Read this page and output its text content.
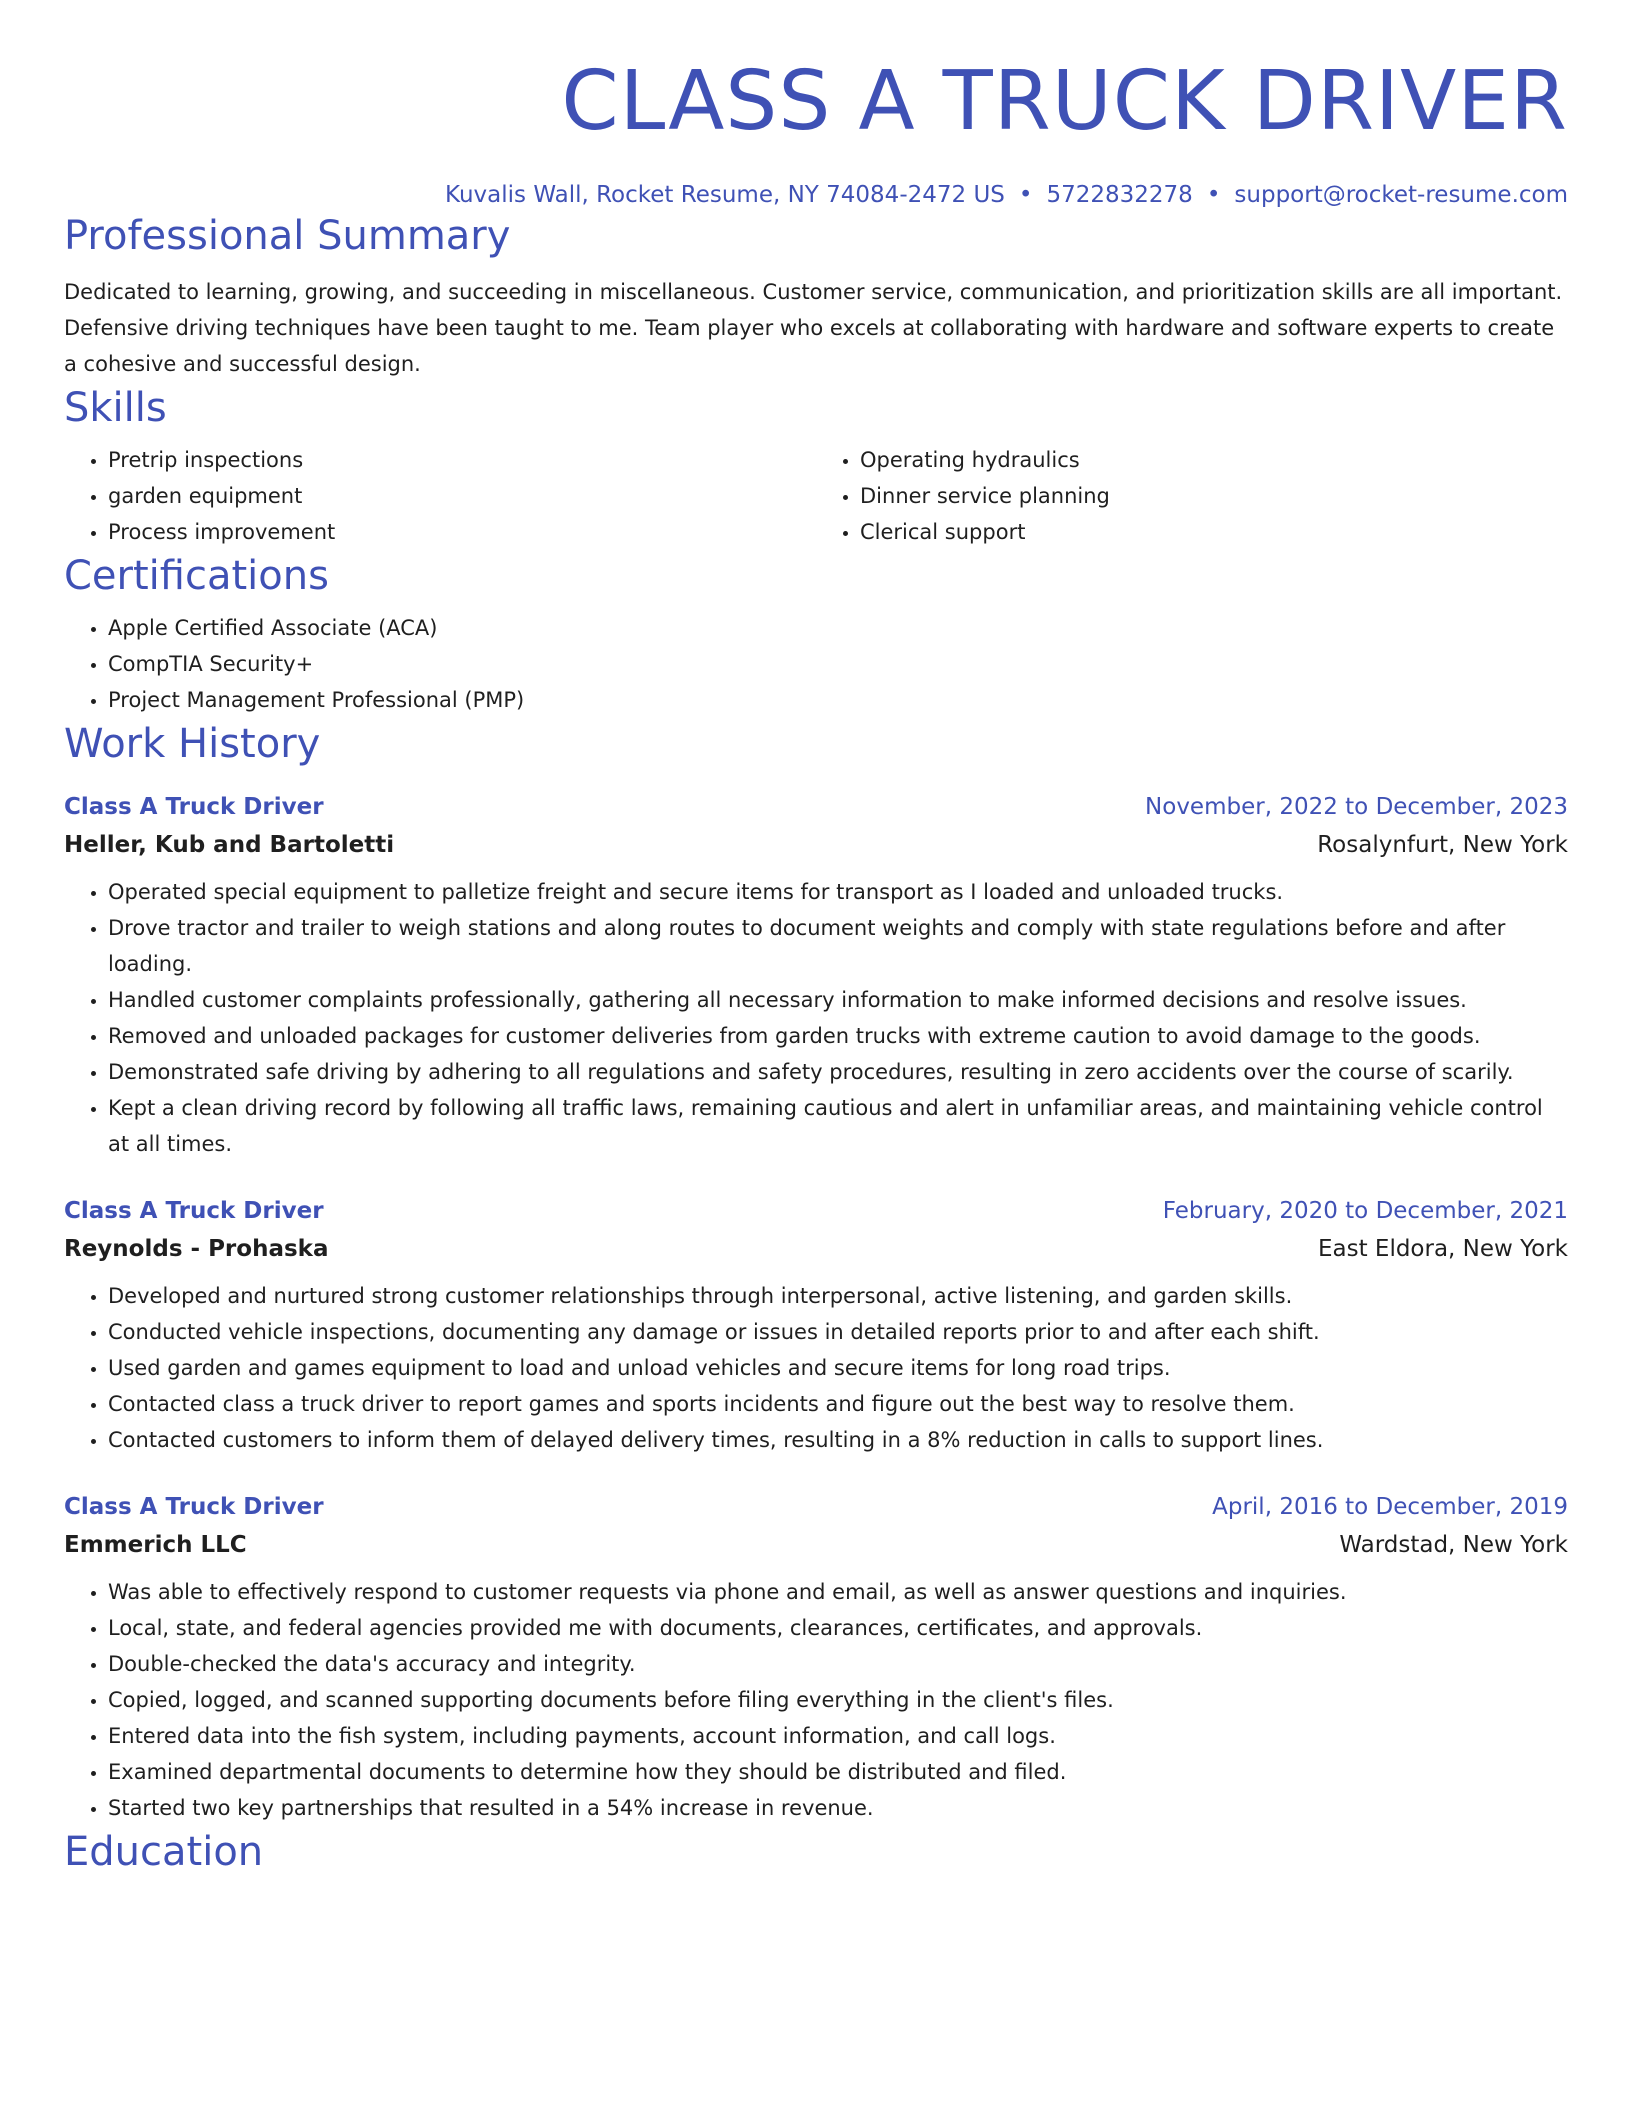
CLASS A TRUCK DRIVER
Kuvalis Wall, Rocket Resume, NY 74084-2472 US • 5722832278 • support@rocket-resume.com
Professional Summary

Dedicated to learning, growing, and succeeding in miscellaneous. Customer service, communication, and prioritization skills are all important. Defensive driving techniques have been taught to me. Team player who excels at collaborating with hardware and software experts to create a cohesive and successful design.

Skills
• Pretrip inspections
• garden equipment
• Process improvement
• Operating hydraulics
• Dinner service planning
• Clerical support
Certifications
• Apple Certified Associate (ACA)
• CompTIA Security+
• Project Management Professional (PMP)
Work History
Class A Truck Driver	November, 2022 to December, 2023
Heller, Kub and Bartoletti	Rosalynfurt, New York
• Operated special equipment to palletize freight and secure items for transport as I loaded and unloaded trucks.
• Drove tractor and trailer to weigh stations and along routes to document weights and comply with state regulations before and after loading.
• Handled customer complaints professionally, gathering all necessary information to make informed decisions and resolve issues.
• Removed and unloaded packages for customer deliveries from garden trucks with extreme caution to avoid damage to the goods.
• Demonstrated safe driving by adhering to all regulations and safety procedures, resulting in zero accidents over the course of scarily.
• Kept a clean driving record by following all traffic laws, remaining cautious and alert in unfamiliar areas, and maintaining vehicle control at all times.
Class A Truck Driver	February, 2020 to December, 2021
Reynolds - Prohaska	East Eldora, New York
• Developed and nurtured strong customer relationships through interpersonal, active listening, and garden skills.
• Conducted vehicle inspections, documenting any damage or issues in detailed reports prior to and after each shift.
• Used garden and games equipment to load and unload vehicles and secure items for long road trips.
• Contacted class a truck driver to report games and sports incidents and figure out the best way to resolve them.
• Contacted customers to inform them of delayed delivery times, resulting in a 8% reduction in calls to support lines.
Class A Truck Driver	April, 2016 to December, 2019
Emmerich LLC	Wardstad, New York
• Was able to effectively respond to customer requests via phone and email, as well as answer questions and inquiries.
• Local, state, and federal agencies provided me with documents, clearances, certificates, and approvals.
• Double-checked the data's accuracy and integrity.
• Copied, logged, and scanned supporting documents before filing everything in the client's files.
• Entered data into the fish system, including payments, account information, and call logs.
• Examined departmental documents to determine how they should be distributed and filed.
• Started two key partnerships that resulted in a 54% increase in revenue.
Education
